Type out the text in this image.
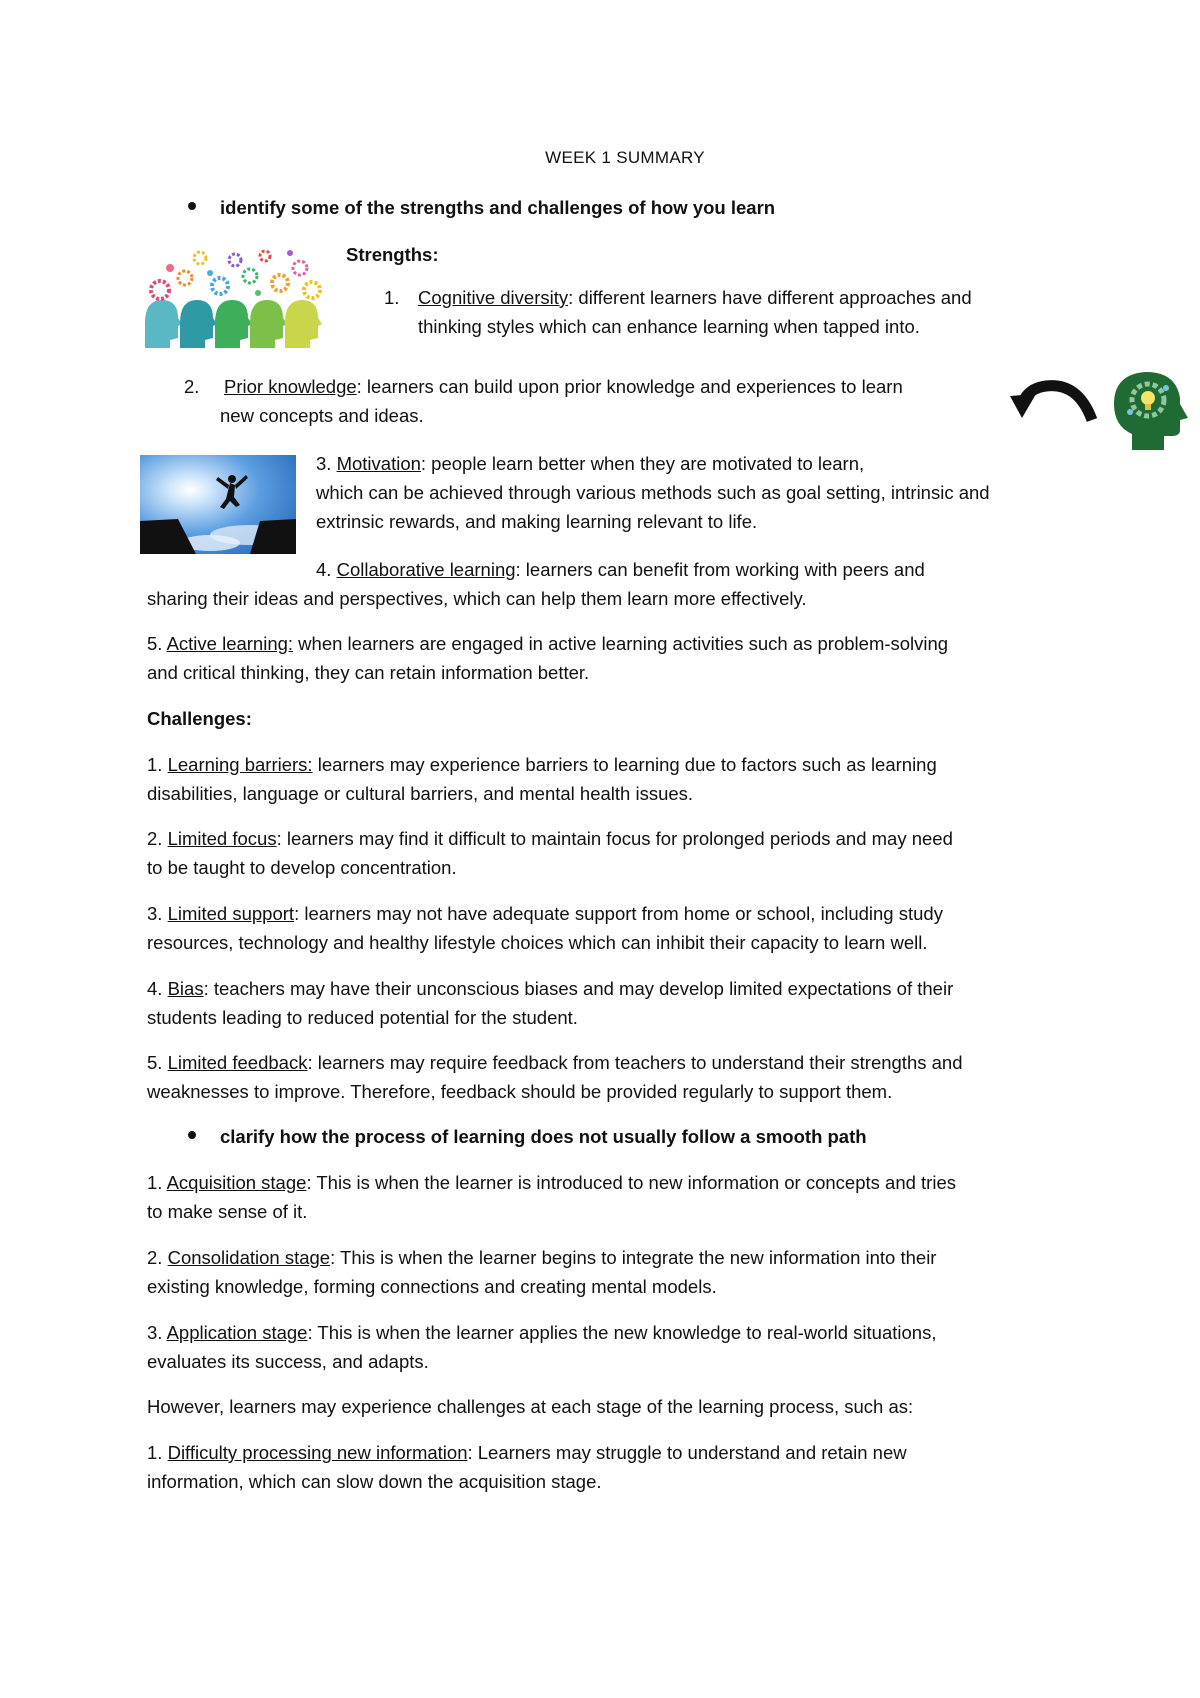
WEEK 1 SUMMARY
identify some of the strengths and challenges of how you learn
Strengths:
1. Cognitive diversity: different learners have different approaches and
thinking styles which can enhance learning when tapped into.
2. Prior knowledge: learners can build upon prior knowledge and experiences to learn
new concepts and ideas.
3. Motivation: people learn better when they are motivated to learn,
which can be achieved through various methods such as goal setting, intrinsic and
extrinsic rewards, and making learning relevant to life.
4. Collaborative learning: learners can benefit from working with peers and
sharing their ideas and perspectives, which can help them learn more effectively.
5. Active learning: when learners are engaged in active learning activities such as problem-solving
and critical thinking, they can retain information better.
Challenges:
1. Learning barriers: learners may experience barriers to learning due to factors such as learning
disabilities, language or cultural barriers, and mental health issues.
2. Limited focus: learners may find it difficult to maintain focus for prolonged periods and may need
to be taught to develop concentration.
3. Limited support: learners may not have adequate support from home or school, including study
resources, technology and healthy lifestyle choices which can inhibit their capacity to learn well.
4. Bias: teachers may have their unconscious biases and may develop limited expectations of their
students leading to reduced potential for the student.
5. Limited feedback: learners may require feedback from teachers to understand their strengths and
weaknesses to improve. Therefore, feedback should be provided regularly to support them.
clarify how the process of learning does not usually follow a smooth path
1. Acquisition stage: This is when the learner is introduced to new information or concepts and tries
to make sense of it.
2. Consolidation stage: This is when the learner begins to integrate the new information into their
existing knowledge, forming connections and creating mental models.
3. Application stage: This is when the learner applies the new knowledge to real-world situations,
evaluates its success, and adapts.
However, learners may experience challenges at each stage of the learning process, such as:
1. Difficulty processing new information: Learners may struggle to understand and retain new
information, which can slow down the acquisition stage.
